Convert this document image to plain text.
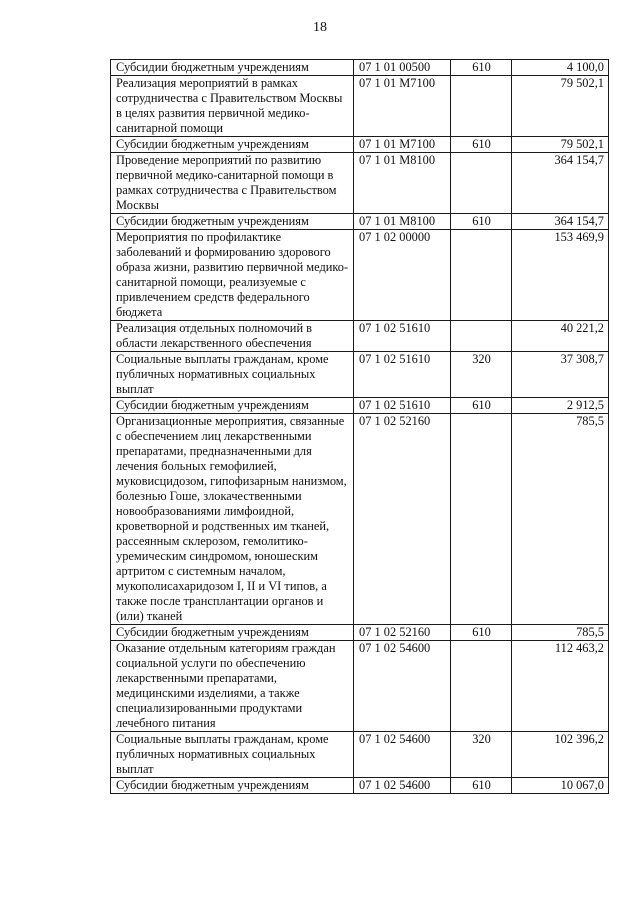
18
Субсидии бюджетным учреждениям	07 1 01 00500	610	4 100,0
Реализация мероприятий в рамках сотрудничества с Правительством Москвы в целях развития первичной медико-санитарной помощи	07 1 01 M7100		79 502,1
Субсидии бюджетным учреждениям	07 1 01 M7100	610	79 502,1
Проведение мероприятий по развитию первичной медико-санитарной помощи в рамках сотрудничества с Правительством Москвы	07 1 01 M8100		364 154,7
Субсидии бюджетным учреждениям	07 1 01 M8100	610	364 154,7
Мероприятия по профилактике заболеваний и формированию здорового образа жизни, развитию первичной медико-санитарной помощи, реализуемые с привлечением средств федерального бюджета	07 1 02 00000		153 469,9
Реализация отдельных полномочий в области лекарственного обеспечения	07 1 02 51610		40 221,2
Социальные выплаты гражданам, кроме публичных нормативных социальных выплат	07 1 02 51610	320	37 308,7
Субсидии бюджетным учреждениям	07 1 02 51610	610	2 912,5
Организационные мероприятия, связанные с обеспечением лиц лекарственными препаратами, предназначенными для лечения больных гемофилией, муковисцидозом, гипофизарным нанизмом, болезнью Гоше, злокачественными новообразованиями лимфоидной, кроветворной и родственных им тканей, рассеянным склерозом, гемолитико-уремическим синдромом, юношеским артритом с системным началом, мукополисахаридозом I, II и VI типов, а также после трансплантации органов и (или) тканей	07 1 02 52160		785,5
Субсидии бюджетным учреждениям	07 1 02 52160	610	785,5
Оказание отдельным категориям граждан социальной услуги по обеспечению лекарственными препаратами, медицинскими изделиями, а также специализированными продуктами лечебного питания	07 1 02 54600		112 463,2
Социальные выплаты гражданам, кроме публичных нормативных социальных выплат	07 1 02 54600	320	102 396,2
Субсидии бюджетным учреждениям	07 1 02 54600	610	10 067,0
